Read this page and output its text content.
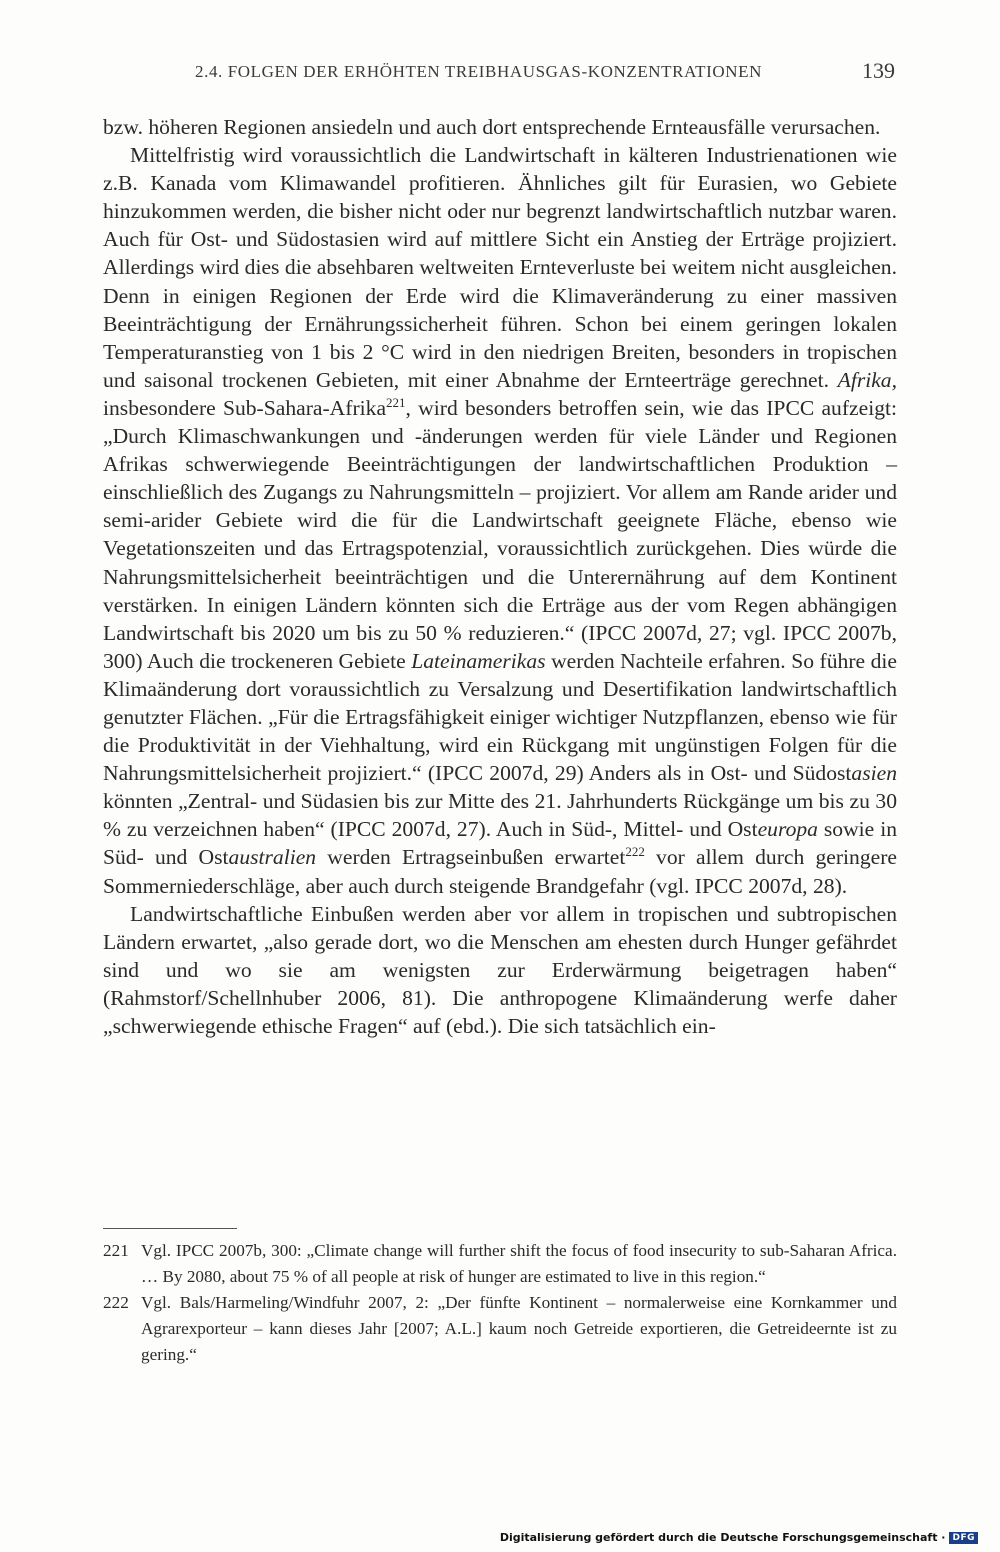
2.4. FOLGEN DER ERHÖHTEN TREIBHAUSGAS-KONZENTRATIONEN	139

bzw. höheren Regionen ansiedeln und auch dort entsprechende Ernteausfälle verursachen.

Mittelfristig wird voraussichtlich die Landwirtschaft in kälteren Industrienationen wie z.B. Kanada vom Klimawandel profitieren. Ähnliches gilt für Eurasien, wo Gebiete hinzukommen werden, die bisher nicht oder nur begrenzt landwirtschaftlich nutzbar waren. Auch für Ost- und Südostasien wird auf mittlere Sicht ein Anstieg der Erträge projiziert. Allerdings wird dies die absehbaren weltweiten Ernteverluste bei weitem nicht ausgleichen. Denn in einigen Regionen der Erde wird die Klimaveränderung zu einer massiven Beeinträchtigung der Ernährungssicherheit führen. Schon bei einem geringen lokalen Temperaturanstieg von 1 bis 2 °C wird in den niedrigen Breiten, besonders in tropischen und saisonal trockenen Gebieten, mit einer Abnahme der Ernteerträge gerechnet. Afrika, insbesondere Sub-Sahara-Afrika$^{221}$, wird besonders betroffen sein, wie das IPCC aufzeigt: „Durch Klimaschwankungen und -änderungen werden für viele Länder und Regionen Afrikas schwerwiegende Beeinträchtigungen der landwirtschaftlichen Produktion – einschließlich des Zugangs zu Nahrungsmitteln – projiziert. Vor allem am Rande arider und semi-arider Gebiete wird die für die Landwirtschaft geeignete Fläche, ebenso wie Vegetationszeiten und das Ertragspotenzial, voraussichtlich zurückgehen. Dies würde die Nahrungsmittelsicherheit beeinträchtigen und die Unterernährung auf dem Kontinent verstärken. In einigen Ländern könnten sich die Erträge aus der vom Regen abhängigen Landwirtschaft bis 2020 um bis zu 50 % reduzieren.“ (IPCC 2007d, 27; vgl. IPCC 2007b, 300) Auch die trockeneren Gebiete Lateinamerikas werden Nachteile erfahren. So führe die Klimaänderung dort voraussichtlich zu Versalzung und Desertifikation landwirtschaftlich genutzter Flächen. „Für die Ertragsfähigkeit einiger wichtiger Nutzpflanzen, ebenso wie für die Produktivität in der Viehhaltung, wird ein Rückgang mit ungünstigen Folgen für die Nahrungsmittelsicherheit projiziert.“ (IPCC 2007d, 29) Anders als in Ost- und Südostasien könnten „Zentral- und Südasien bis zur Mitte des 21. Jahrhunderts Rückgänge um bis zu 30 % zu verzeichnen haben“ (IPCC 2007d, 27). Auch in Süd-, Mittel- und Osteuropa sowie in Süd- und Ostaustralien werden Ertragseinbußen erwartet$^{222}$ vor allem durch geringere Sommerniederschläge, aber auch durch steigende Brandgefahr (vgl. IPCC 2007d, 28).

Landwirtschaftliche Einbußen werden aber vor allem in tropischen und subtropischen Ländern erwartet, „also gerade dort, wo die Menschen am ehesten durch Hunger gefährdet sind und wo sie am wenigsten zur Erderwärmung beigetragen haben“ (Rahmstorf/Schellnhuber 2006, 81). Die anthropogene Klimaänderung werfe daher „schwerwiegende ethische Fragen“ auf (ebd.). Die sich tatsächlich ein-

221 Vgl. IPCC 2007b, 300: „Climate change will further shift the focus of food insecurity to sub-Saharan Africa. … By 2080, about 75 % of all people at risk of hunger are estimated to live in this region.“
222 Vgl. Bals/Harmeling/Windfuhr 2007, 2: „Der fünfte Kontinent – normalerweise eine Kornkammer und Agrarexporteur – kann dieses Jahr [2007; A.L.] kaum noch Getreide exportieren, die Getreideernte ist zu gering.“
Digitalisierung gefördert durch die Deutsche Forschungsgemeinschaft · DFG
